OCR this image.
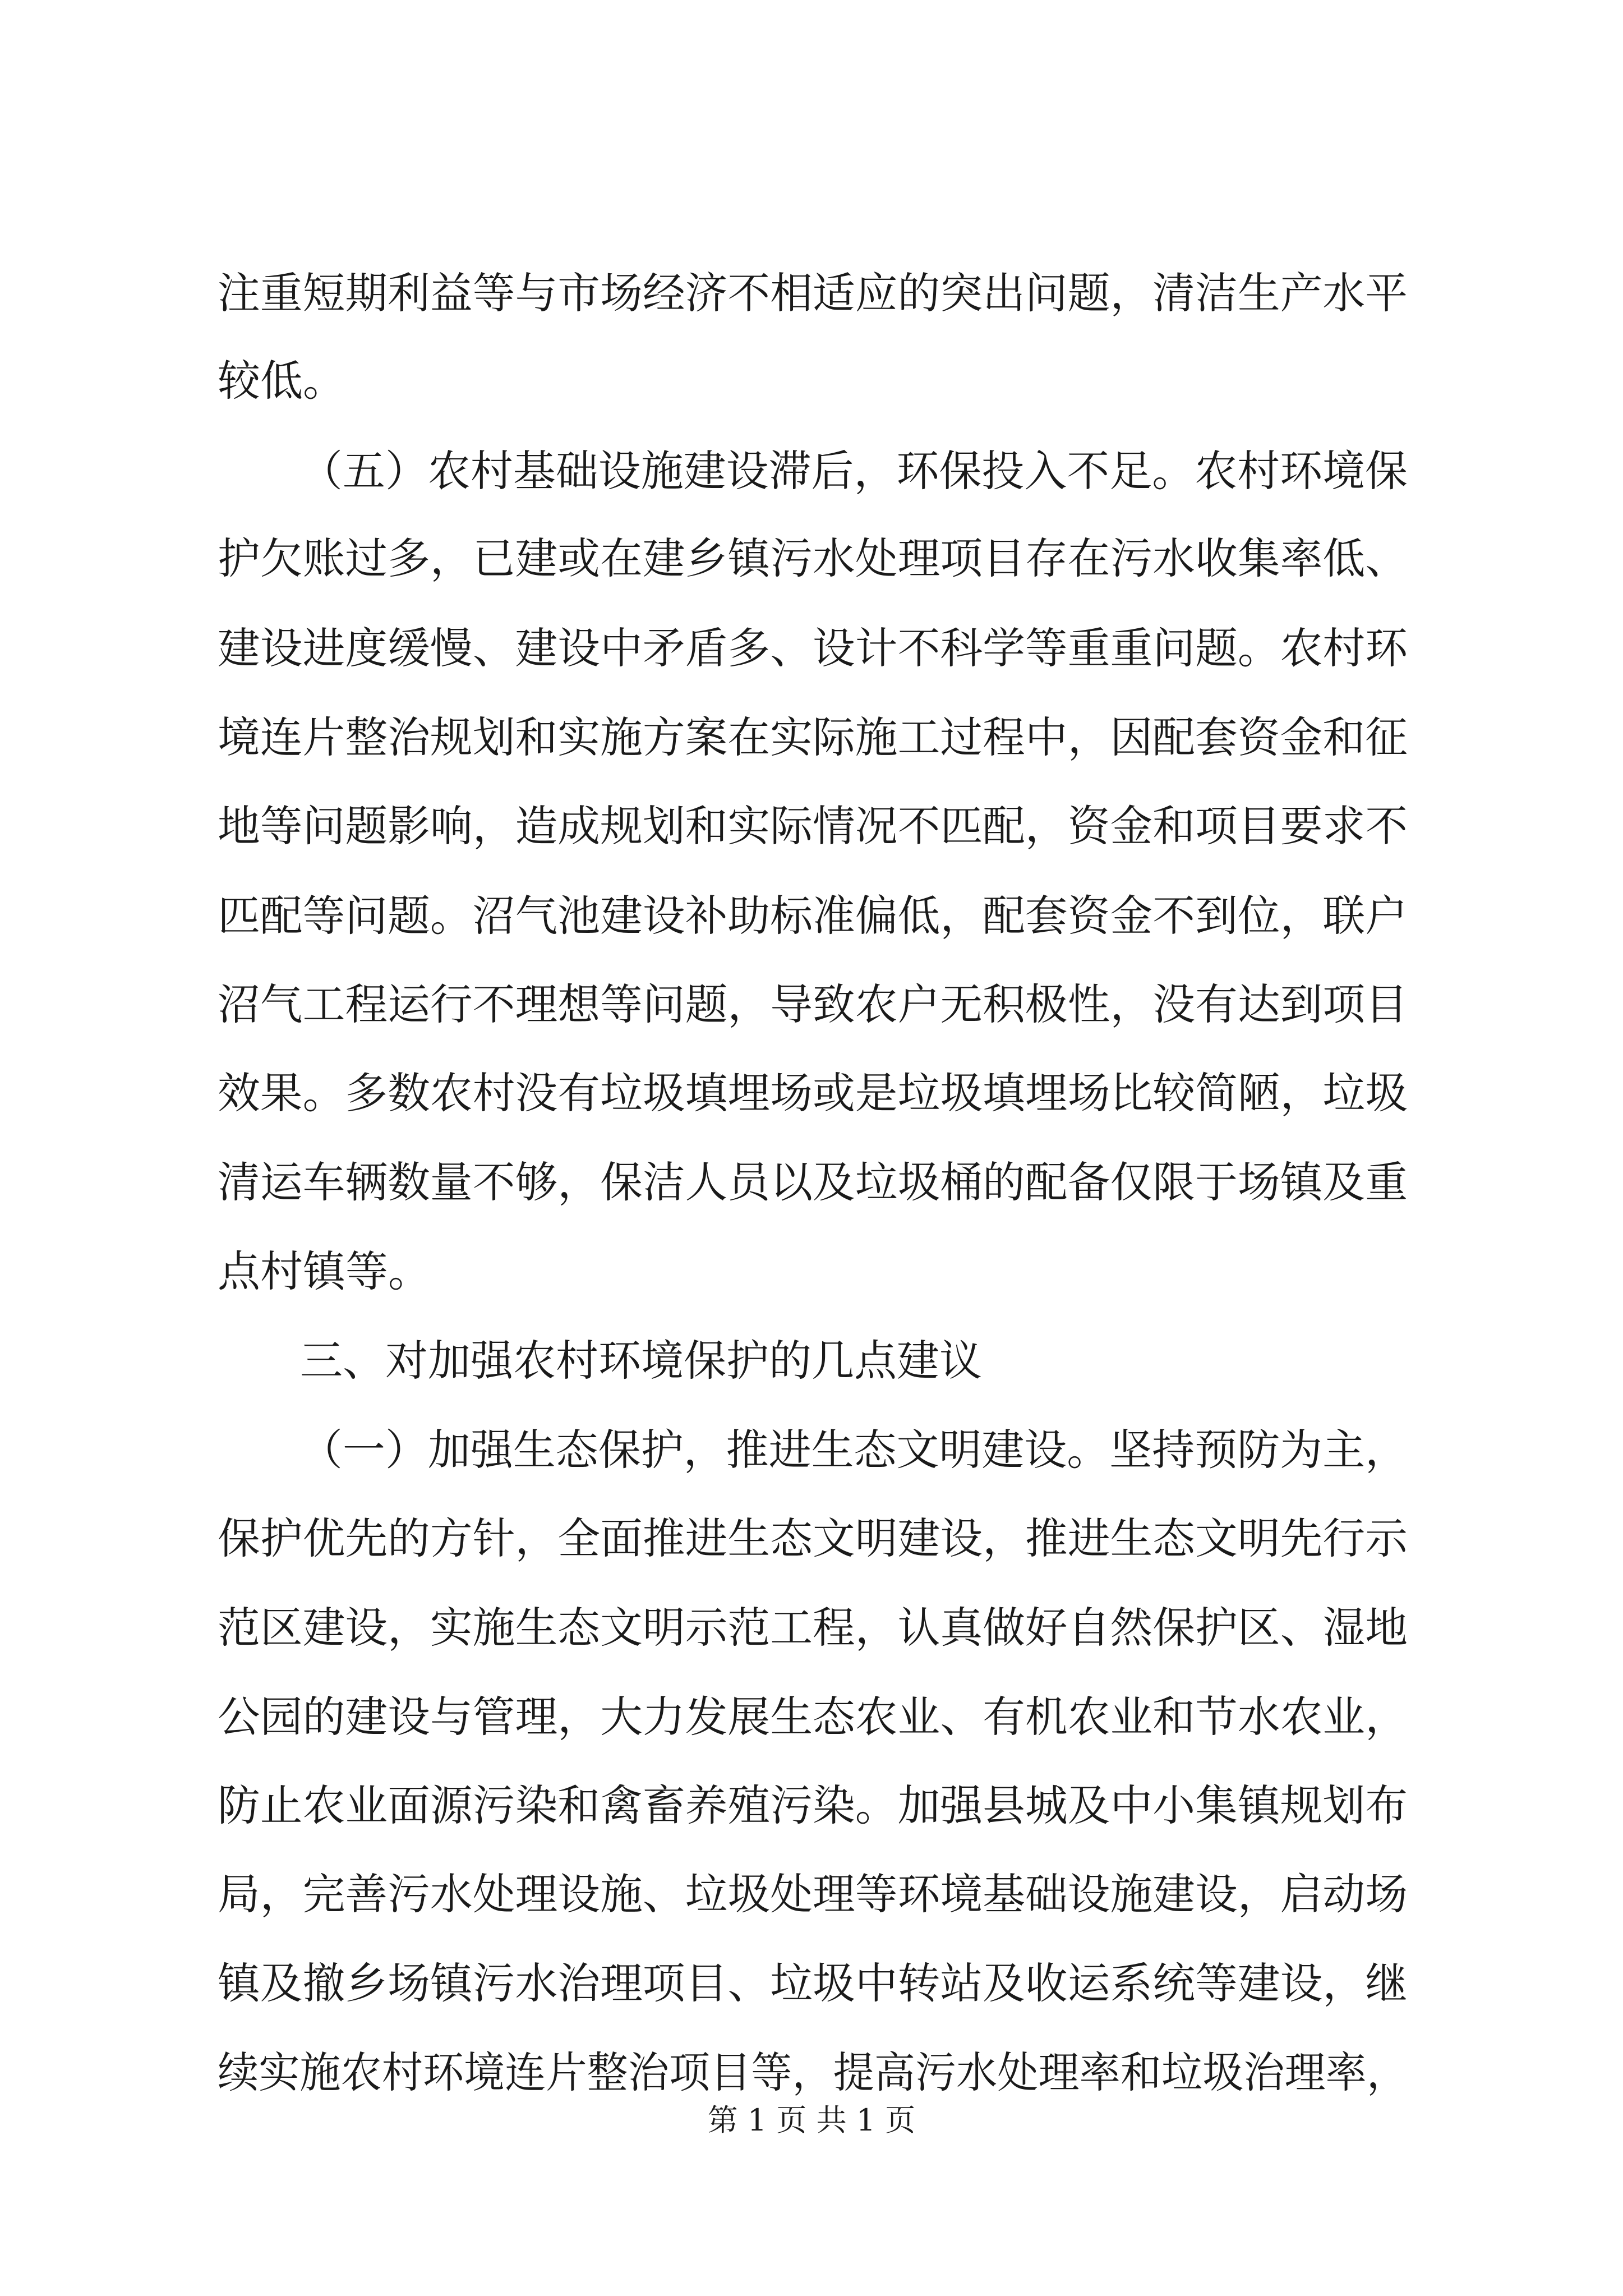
注重短期利益等与市场经济不相适应的突出问题，清洁生产水平
较低。
（五）农村基础设施建设滞后，环保投入不足。农村环境保
护欠账过多，已建或在建乡镇污水处理项目存在污水收集率低、
建设进度缓慢、建设中矛盾多、设计不科学等重重问题。农村环
境连片整治规划和实施方案在实际施工过程中，因配套资金和征
地等问题影响，造成规划和实际情况不匹配，资金和项目要求不
匹配等问题。沼气池建设补助标准偏低，配套资金不到位，联户
沼气工程运行不理想等问题，导致农户无积极性，没有达到项目
效果。多数农村没有垃圾填埋场或是垃圾填埋场比较简陋，垃圾
清运车辆数量不够，保洁人员以及垃圾桶的配备仅限于场镇及重
点村镇等。
三、对加强农村环境保护的几点建议
（一）加强生态保护，推进生态文明建设。坚持预防为主，
保护优先的方针，全面推进生态文明建设，推进生态文明先行示
范区建设，实施生态文明示范工程，认真做好自然保护区、湿地
公园的建设与管理，大力发展生态农业、有机农业和节水农业，
防止农业面源污染和禽畜养殖污染。加强县城及中小集镇规划布
局，完善污水处理设施、垃圾处理等环境基础设施建设，启动场
镇及撤乡场镇污水治理项目、垃圾中转站及收运系统等建设，继
续实施农村环境连片整治项目等，提高污水处理率和垃圾治理率，
第 1 页 共 1 页
